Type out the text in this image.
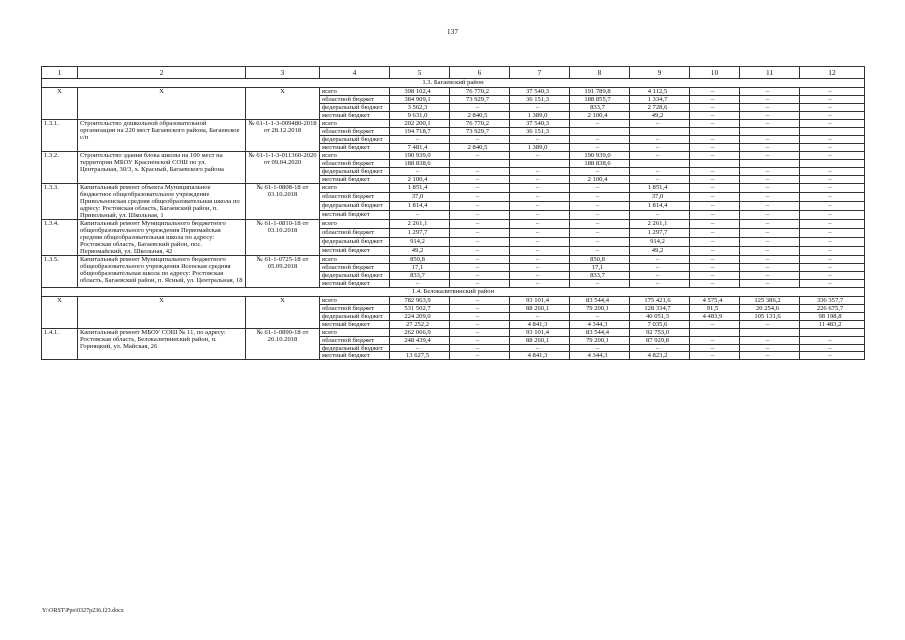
137
1	2	3	4	5	6	7	8	9	10	11	12
1.3. Багаевский район											
Х	Х	Х	всего	398 102,4	76 770,2	37 540,3	191 789,8	4 112,5	–	–	–
			областной бюджет	384 909,1	73 929,7	36 151,3	188 855,7	1 334,7	–	–	–
			федеральный бюджет	3 562,3	–	–	833,7	2 728,6	–	–	–
			местный бюджет	9 631,0	2 840,5	1 389,0	2 100,4	49,2	–	–	–
1.3.1.	Строительство дошкольной образовательной организации на 220 мест Багаевского района, Багаевское с/п	№ 61-1-1-3-009480-2018 от 28.12.2018	всего	202 200,1	76 770,2	37 540,3	–	–	–	–	–
			областной бюджет	194 718,7	73 929,7	36 151,3					
			федеральный бюджет	–	–	–	–	–	–	–	–
			местный бюджет	7 481,4	2 840,5	1 389,0	–	–	–	–	–
1.3.2.	Строительство здания блока школы на 100 мест на территории МБОУ Красненской СОШ по ул. Центральная, 30/3, х. Красный, Багаевского района	№ 61-1-1-3-011360-2020 от 09.04.2020	всего	190 939,0	–	–	190 939,0	–	–	–	–
			областной бюджет	188 838,6			188 838,6				
			федеральный бюджет	–	–	–	–	–	–	–	–
			местный бюджет	2 100,4	–	–	2 100,4	–	–	–	–
1.3.3.	Капитальный ремонт объекта Муниципальное бюджетное общеобразовательное учреждение Привольненская средняя общеобразовательная школа по адресу: Ростовская область, Багаевский район, п. Привольный, ул. Школьная, 1	№ 61-1-0808-18 от 03.10.2018	всего	1 851,4	–	–	–	1 851,4	–	–	–
			областной бюджет	37,0	–	–	–	37,0	–	–	–
			федеральный бюджет	1 814,4	–	–	–	1 814,4	–	–	–
			местный бюджет	–	–	–	–	–	–	–	–
1.3.4.	Капитальный ремонт Муниципального бюджетного общеобразовательного учреждения Первомайская средняя общеобразовательная школа по адресу: Ростовская область, Багаевский район, пос. Первомайский, ул. Школьная, 42	№ 61-1-0810-18 от 03.10.2018	всего	2 261,1	–	–	–	2 261,1	–	–	–
			областной бюджет	1 297,7	–	–	–	1 297,7	–	–	–
			федеральный бюджет	914,2	–	–	–	914,2	–	–	–
			местный бюджет	49,2	–	–	–	49,2	–	–	–
1.3.5.	Капитальный ремонт Муниципального бюджетного общеобразовательного учреждения Ясенская средняя общеобразовательная школа по адресу: Ростовская область, Багаевский район, п. Ясный, ул. Центральная, 18	№ 61-1-0725-18 от 05.09.2018	всего	850,8	–	–	850,8	–	–	–	–
			областной бюджет	17,1	–	–	17,1	–	–	–	–
			федеральный бюджет	833,7	–	–	833,7	–	–	–	–
			местный бюджет	–	–	–	–	–	–	–	–
1.4. Белокалитвинский район											
Х	Х	Х	всего	782 963,9	–	93 101,4	83 544,4	175 421,6	4 575,4	125 386,2	336 357,7
			областной бюджет	531 502,7	–	88 260,1	79 200,1	128 334,7	91,5	20 254,6	226 675,7
			федеральный бюджет	224 209,0	–	–	–	40 051,3	4 483,9	105 131,6	98 198,8
			местный бюджет	27 252,2	–	4 841,3	4 344,3	7 035,6	–	–	11 483,2
1.4.1.	Капитальный ремонт МБОУ СОШ № 11, по адресу: Ростовская область, Белокалитвинский район, п. Горняцкий, ул. Майская, 26	№ 61-1-0890-18 от 26.10.2018	всего	262 066,9	–	93 101,4	83 544,4	92 753,0			
			областной бюджет	248 439,4	–	88 260,1	79 200,1	87 929,8	–	–	–
			федеральный бюджет	–	–	–	–	–	–	–	–
			местный бюджет	13 627,5	–	4 841,3	4 344,3	4 823,2	–	–	–
Y:\ORST\Ppo\0327p236.f23.docx
